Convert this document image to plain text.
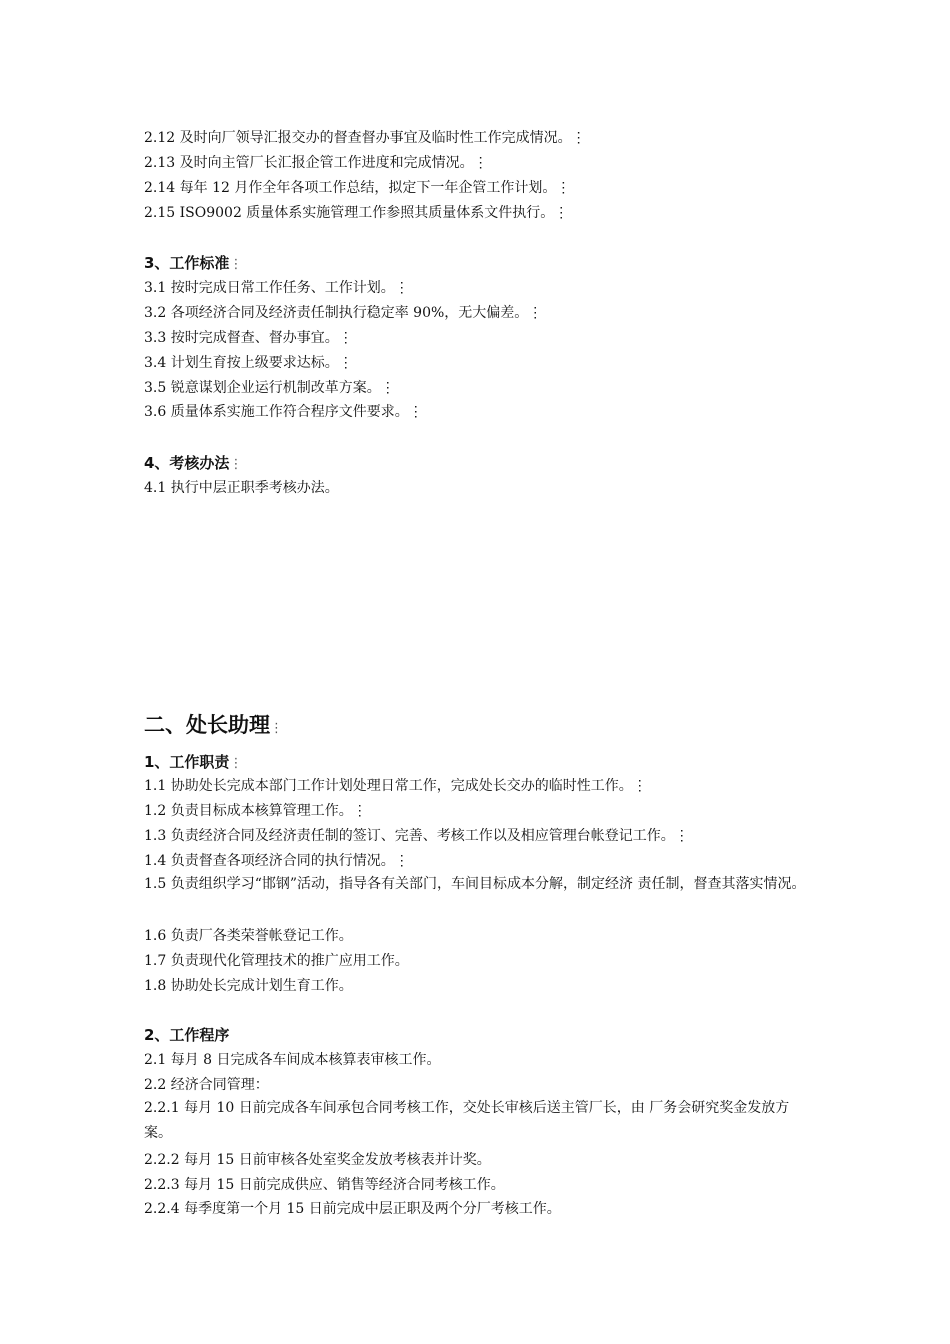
2.12 及时向厂领导汇报交办的督查督办事宜及临时性工作完成情况。⋮
2.13 及时向主管厂长汇报企管工作进度和完成情况。⋮
2.14 每年 12 月作全年各项工作总结，拟定下一年企管工作计划。⋮
2.15 ISO9002 质量体系实施管理工作参照其质量体系文件执行。⋮
3、工作标准⋮
3.1 按时完成日常工作任务、工作计划。⋮
3.2 各项经济合同及经济责任制执行稳定率 90%，无大偏差。⋮
3.3 按时完成督查、督办事宜。⋮
3.4 计划生育按上级要求达标。⋮
3.5 锐意谋划企业运行机制改革方案。⋮
3.6 质量体系实施工作符合程序文件要求。⋮
4、考核办法⋮
4.1 执行中层正职季考核办法。
二、处长助理⋮
1、工作职责⋮
1.1 协助处长完成本部门工作计划处理日常工作，完成处长交办的临时性工作。⋮
1.2 负责目标成本核算管理工作。⋮
1.3 负责经济合同及经济责任制的签订、完善、考核工作以及相应管理台帐登记工作。⋮
1.4 负责督查各项经济合同的执行情况。⋮
1.5 负责组织学习“邯钢”活动，指导各有关部门，车间目标成本分解，制定经济 责任制，督查其落实情况。
1.6 负责厂各类荣誉帐登记工作。
1.7 负责现代化管理技术的推广应用工作。
1.8 协助处长完成计划生育工作。
2、工作程序
2.1 每月 8 日完成各车间成本核算表审核工作。
2.2 经济合同管理：
2.2.1 每月 10 日前完成各车间承包合同考核工作，交处长审核后送主管厂长，由 厂务会研究奖金发放方案。
2.2.2 每月 15 日前审核各处室奖金发放考核表并计奖。
2.2.3 每月 15 日前完成供应、销售等经济合同考核工作。
2.2.4 每季度第一个月 15 日前完成中层正职及两个分厂考核工作。
